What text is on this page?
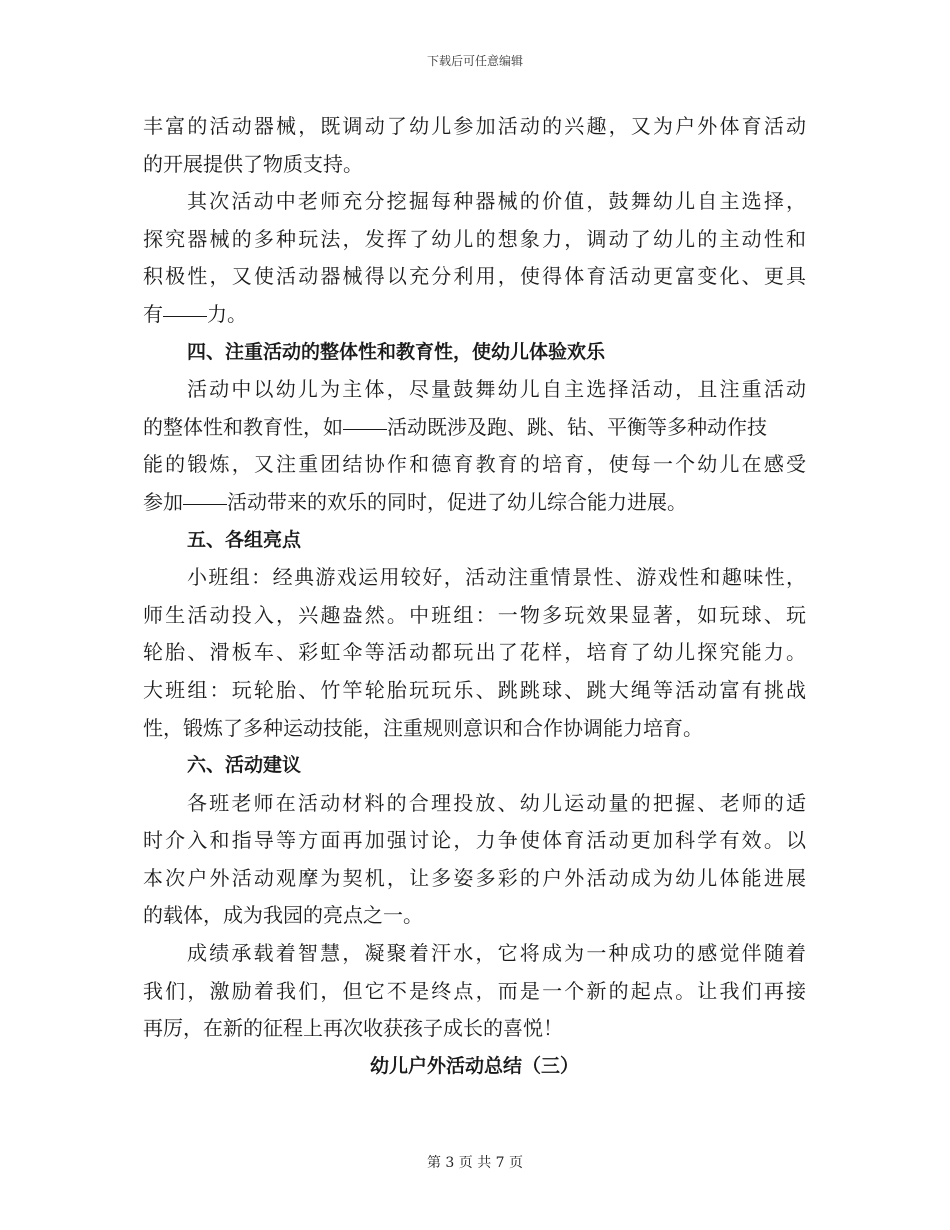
下载后可任意编辑
丰富的活动器械，既调动了幼儿参加活动的兴趣，又为户外体育活动
的开展提供了物质支持。
其次活动中老师充分挖掘每种器械的价值，鼓舞幼儿自主选择，
探究器械的多种玩法，发挥了幼儿的想象力，调动了幼儿的主动性和
积极性，又使活动器械得以充分利用，使得体育活动更富变化、更具
有 力。
四、注重活动的整体性和教育性，使幼儿体验欢乐
活动中以幼儿为主体，尽量鼓舞幼儿自主选择活动，且注重活动
的整体性和教育性，如 活动既涉及跑、跳、钻、平衡等多种动作技
能的锻炼，又注重团结协作和德育教育的培育，使每一个幼儿在感受
参加 活动带来的欢乐的同时，促进了幼儿综合能力进展。
五、各组亮点
小班组：经典游戏运用较好，活动注重情景性、游戏性和趣味性，
师生活动投入，兴趣盎然。中班组：一物多玩效果显著，如玩球、玩
轮胎、滑板车、彩虹伞等活动都玩出了花样，培育了幼儿探究能力。
大班组：玩轮胎、竹竿轮胎玩玩乐、跳跳球、跳大绳等活动富有挑战
性，锻炼了多种运动技能，注重规则意识和合作协调能力培育。
六、活动建议
各班老师在活动材料的合理投放、幼儿运动量的把握、老师的适
时介入和指导等方面再加强讨论，力争使体育活动更加科学有效。以
本次户外活动观摩为契机，让多姿多彩的户外活动成为幼儿体能进展
的载体，成为我园的亮点之一。
成绩承载着智慧，凝聚着汗水，它将成为一种成功的感觉伴随着
我们，激励着我们，但它不是终点，而是一个新的起点。让我们再接
再厉，在新的征程上再次收获孩子成长的喜悦！
幼儿户外活动总结（三）
第 3 页 共 7 页
